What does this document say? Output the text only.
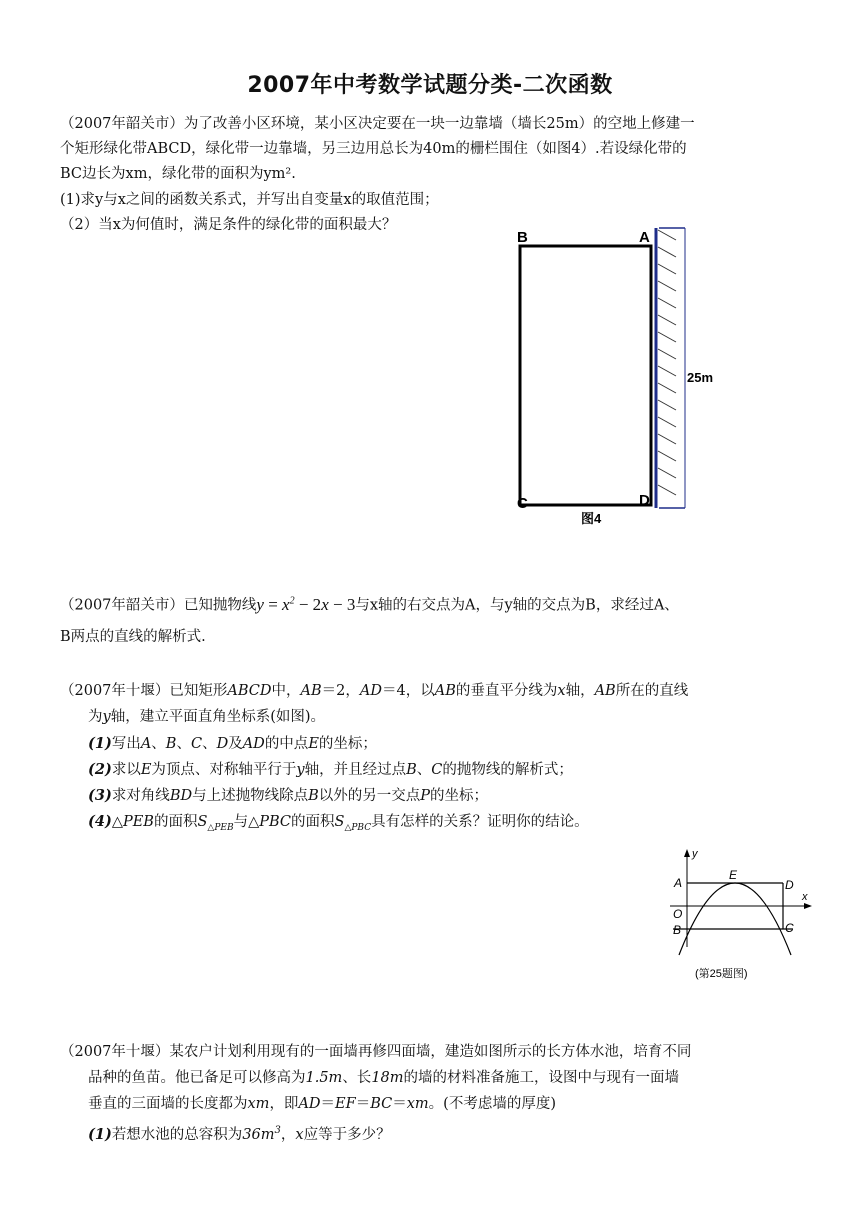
2007年中考数学试题分类-二次函数
（2007年韶关市）为了改善小区环境，某小区决定要在一块一边靠墙（墙长25m）的空地上修建一
个矩形绿化带ABCD，绿化带一边靠墙，另三边用总长为40m的栅栏围住（如图4）.若设绿化带的
BC边长为xm，绿化带的面积为ym².
(1)求y与x之间的函数关系式，并写出自变量x的取值范围；
（2）当x为何值时，满足条件的绿化带的面积最大？
B	A
C	D
25m
图4
（2007年韶关市）已知抛物线$y = x^2 - 2x - 3$与x轴的右交点为A，与y轴的交点为B，求经过A、
B两点的直线的解析式.
（2007年十堰）已知矩形ABCD中，AB＝2，AD＝4，以AB的垂直平分线为x轴，AB所在的直线
为y轴，建立平面直角坐标系(如图)。
(1)写出A、B、C、D及AD的中点E的坐标；
(2)求以E为顶点、对称轴平行于y轴，并且经过点B、C的抛物线的解析式；
(3)求对角线BD与上述抛物线除点B以外的另一交点P的坐标；
(4)△PEB的面积$S_{\triangle PEB}$与△PBC的面积$S_{\triangle PBC}$具有怎样的关系？证明你的结论。
y
x
A
E
D
O
B	C
(第25题图)
（2007年十堰）某农户计划利用现有的一面墙再修四面墙，建造如图所示的长方体水池，培育不同
品种的鱼苗。他已备足可以修高为1.5m、长18m的墙的材料准备施工，设图中与现有一面墙
垂直的三面墙的长度都为xm，即AD＝EF＝BC＝xm。(不考虑墙的厚度)
(1)若想水池的总容积为$36m^3$，x应等于多少？
